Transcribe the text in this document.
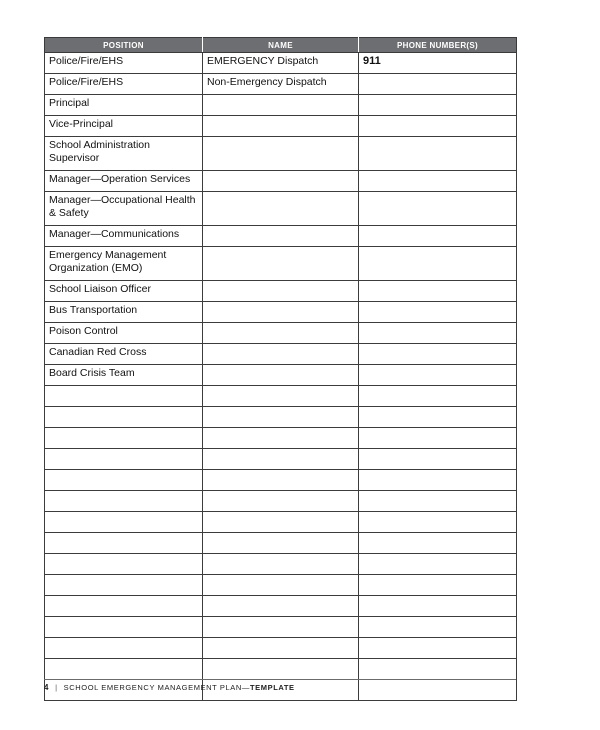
POSITION	NAME	PHONE NUMBER(S)
Police/Fire/EHS	EMERGENCY Dispatch	911
Police/Fire/EHS	Non-Emergency Dispatch	
Principal		
Vice-Principal		
School Administration Supervisor		
Manager—Operation Services		
Manager—Occupational Health & Safety		
Manager—Communications		
Emergency Management Organization (EMO)		
School Liaison Officer		
Bus Transportation		
Poison Control		
Canadian Red Cross		
Board Crisis Team		

4 | SCHOOL EMERGENCY MANAGEMENT PLAN—TEMPLATE
